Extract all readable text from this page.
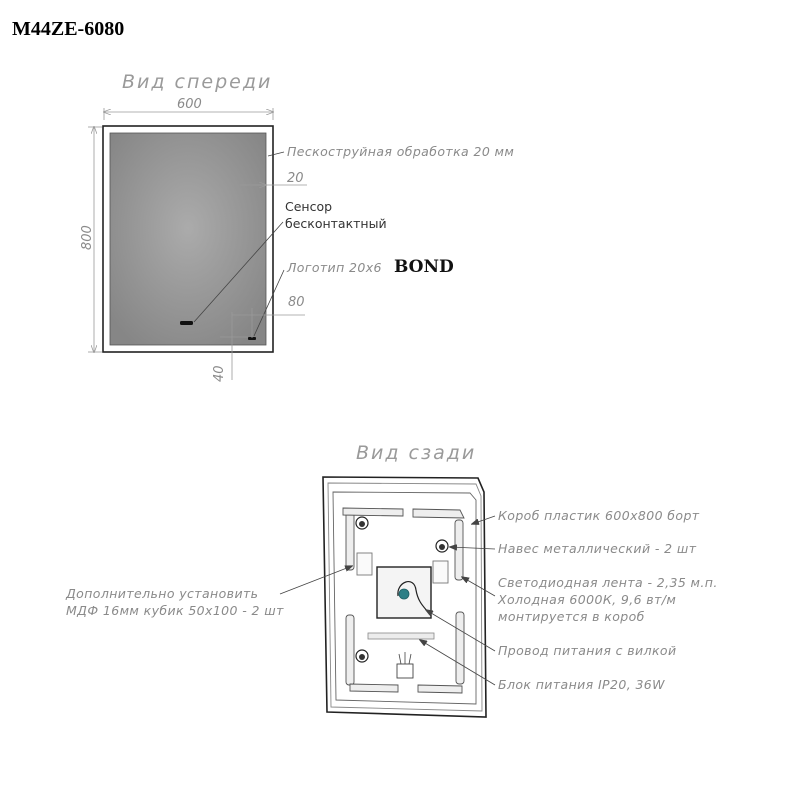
M44ZE-6080
Вид спереди
600
800
Пескоструйная обработка 20 мм
20
Сенсор
бесконтактный
Логотип 20х6 BOND
80
40
Вид сзади
Короб пластик 600х800 борт
Навес металлический - 2 шт
Светодиодная лента - 2,35 м.п.
Холодная 6000К, 9,6 вт/м
монтируется в короб
Провод питания с вилкой
Блок питания IP20, 36W
Дополнительно установить
МДФ 16мм кубик 50х100 - 2 шт
